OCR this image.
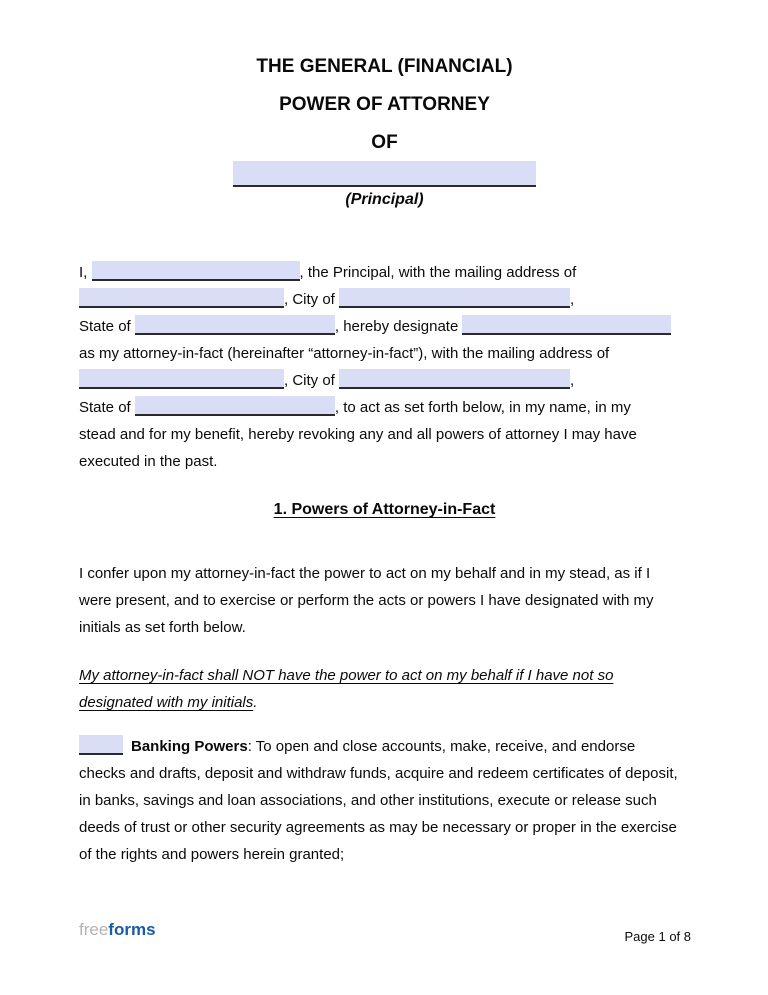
THE GENERAL (FINANCIAL)
POWER OF ATTORNEY
OF
(Principal)
I,	, the Principal, with the mailing address of
, City of	,
State of	, hereby designate
as my attorney-in-fact (hereinafter “attorney-in-fact”), with the mailing address of
, City of	,
State of	, to act as set forth below, in my name, in my
stead and for my benefit, hereby revoking any and all powers of attorney I may have
executed in the past.
1. Powers of Attorney-in-Fact
I confer upon my attorney-in-fact the power to act on my behalf and in my stead, as if I
were present, and to exercise or perform the acts or powers I have designated with my
initials as set forth below.
My attorney-in-fact shall NOT have the power to act on my behalf if I have not so
designated with my initials.
Banking Powers: To open and close accounts, make, receive, and endorse
checks and drafts, deposit and withdraw funds, acquire and redeem certificates of deposit,
in banks, savings and loan associations, and other institutions, execute or release such
deeds of trust or other security agreements as may be necessary or proper in the exercise
of the rights and powers herein granted;
freeforms	Page 1 of 8
